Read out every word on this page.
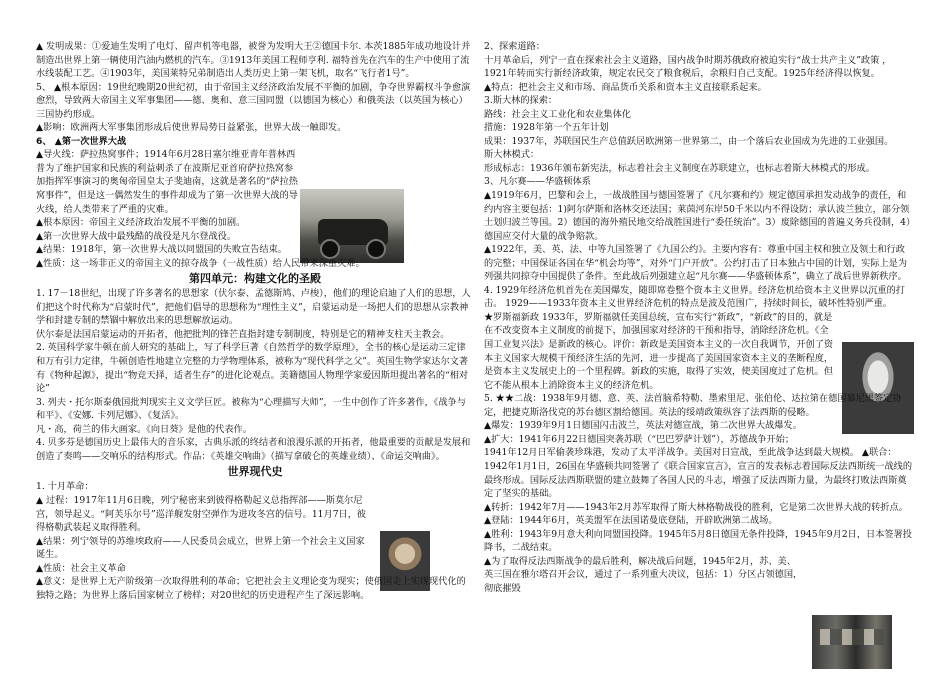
▲ 发明成果：①爱迪生发明了电灯、留声机等电器，被誉为发明大王②德国卡尔. 本茨1885年成功地设计并制造出世界上第一辆使用汽油内燃机的汽车。③1913年美国工程师亨利. 福特首先在汽车的生产中使用了流水线装配工艺。④1903年，美国莱特兄弟制造出人类历史上第一架飞机，取名“飞行者1号”。

5、 ▲根本原因：19世纪晚期20世纪初，由于帝国主义经济政治发展不平衡的加剧，争夺世界霸权斗争愈演愈烈，导致两大帝国主义军事集团——德、奥和、意三国同盟（以德国为核心）和俄英法（以英国为核心）三国协约形成。

▲影响：欧洲两大军事集团形成后使世界局势日益紧张，世界大战一触即发。

6、 ▲第一次世界大战

▲导火线：萨拉热窝事件；1914年6月28日塞尔维亚青年普林西普为了维护国家和民族的利益刺杀了在波斯尼亚首府萨拉热窝参加指挥军事演习的奥匈帝国皇太子斐迪南，这就是著名的“萨拉热窝事件”，但是这一偶然发生的事件却成为了第一次世界大战的导火线，给人类带来了严重的灾难。

▲根本原因：帝国主义经济政治发展不平衡的加剧。

▲第一次世界大战中最残酷的战役是凡尔登战役。

▲结果：1918年，第一次世界大战以同盟国的失败宣告结束。

▲性质：这一场非正义的帝国主义的掠夺战争（一战性质）给人民带来深重灾难。

第四单元：构建文化的圣殿

1. 17－18世纪，出现了许多著名的思想家（伏尔泰、孟德斯鸠、卢梭），他们的理论启迪了人们的思想，人们把这个时代称为“启蒙时代”，把他们倡导的思想称为“理性主义”，启蒙运动是一场把人们的思想从宗教神学和封建专制的禁锢中解放出来的思想解放运动。

伏尔泰是法国启蒙运动的开拓者，他把批判的锋芒直指封建专制制度，特别是它的精神支柱天主教会。

2. 英国科学家牛顿在前人研究的基础上，写了科学巨著《自然哲学的数学原理》，全书的核心是运动三定律和万有引力定律，牛顿创造性地建立完整的力学物理体系，被称为“现代科学之父”。英国生物学家达尔文著有《物种起源》，提出“物竞天择，适者生存”的进化论观点。美籍德国人物理学家爱因斯坦提出著名的“相对论”

3. 列夫・托尔斯泰俄国批判现实主义文学巨匠。被称为“心理描写大师”，一生中创作了许多著作，《战争与和平》、《安娜. 卡列尼娜》、《复活》。

凡・高，荷兰的伟大画家。《向日葵》是他的代表作。

4. 贝多芬是德国历史上最伟大的音乐家，古典乐派的终结者和浪漫乐派的开拓者，他最重要的贡献是发展和创造了奏鸣——交响乐的结构形式。作品：《英雄交响曲》（描写拿破仑的英雄业绩）、《命运交响曲》。

世界现代史

1. 十月革命：

▲ 过程：1917年11月6日晚，列宁秘密来到彼得格勒起义总指挥部——斯莫尔尼宫，领导起义。“阿芙乐尔号”巡洋舰发射空弹作为进攻冬宫的信号。11月7日，彼得格勒武装起义取得胜利。

▲结果：列宁领导的苏维埃政府——人民委员会成立，世界上第一个社会主义国家诞生。

▲性质：社会主义革命

▲意义：是世界上无产阶级第一次取得胜利的革命；它把社会主义理论变为现实；使俄国走上实现现代化的独特之路；为世界上落后国家树立了榜样；对20世纪的历史进程产生了深远影响。

2、探索道路：

十月革命后，列宁一直在探索社会主义道路，国内战争时期苏俄政府被迫实行“战士共产主义”政策 ，1921年转而实行新经济政策，规定农民交了粮食税后，余粮归自己支配。1925年经济得以恢复。

▲特点：把社会主义和市场、商品货币关系和资本主义直接联系起来。

3.斯大林的探索：

路线：社会主义工业化和农业集体化

措施：1928年第一个五年计划

成果：1937年，苏联国民生产总值跃居欧洲第一世界第二，由一个落后农业国成为先进的工业强国。

斯大林模式：

形成标志：1936年颁布新宪法，标志着社会主义制度在苏联建立，也标志着斯大林模式的形成。

3、凡尔赛——华盛顿体系

▲1919年6月，巴黎和会上，一战战胜国与德国签署了《凡尔赛和约》规定德国承担发动战争的责任，和约内容主要包括：1)阿尔萨斯和洛林交还法国；莱茵河东岸50千米以内不得设防；承认波兰独立，部分领土划归波兰等国。2）德国的海外殖民地交给战胜国进行“委任统治”。3）废除德国的普遍义务兵役制，4）德国应交付大量的战争赔款。

▲1922年，美、英、法、中等九国签署了《九国公约》。主要内容有：尊重中国主权和独立及领土和行政的完整；中国保证各国在华“机会均等”，对外“门户开放”。公约打击了日本独占中国的计划，实际上是为列强共同掠夺中国提供了条件。至此战后列强建立起“凡尔赛——华盛顿体系”，确立了战后世界新秩序。

4. 1929年经济危机首先在美国爆发，随即席卷整个资本主义世界。经济危机给资本主义世界以沉重的打击。 1929——1933年资本主义世界经济危机的特点是波及范围广，持续时间长，破坏性特别严重。

★罗斯福新政 1933年，罗斯福就任美国总统，宣布实行“新政”，“新政”的目的，就是在不改变资本主义制度的前提下，加强国家对经济的干预和指导，消除经济危机。《全国工业复兴法》是新政的核心。评价：新政是美国资本主义的一次自我调节，开创了资本主义国家大规模干预经济生活的先河，进一步提高了美国国家资本主义的垄断程度，是资本主义发展史上的一个里程碑。新政的实施，取得了实效，使美国度过了危机。但它不能从根本上消除资本主义的经济危机。

5. ★★二战：1938年9月德、意、英、法首脑希特勒、墨索里尼、张伯伦、达拉第在德国慕尼黑签定协定，把捷克斯洛伐克的苏台德区割给德国。英法的绥靖政策纵容了法西斯的侵略。

▲爆发：1939年9月1日德国闪击波兰，英法对德宣战，第二次世界大战爆发。

▲扩大：1941年6月22日德国突袭苏联（“巴巴罗萨计划”），苏德战争开始；

1941年12月日军偷袭珍珠港，发动了太平洋战争。美国对日宣战，至此战争达到最大规模。 ▲联合：1942年1月1日，26国在华盛顿共同签署了《联合国家宣言》，宣言的发表标志着国际反法西斯统一战线的最终形成。国际反法西斯联盟的建立鼓舞了各国人民的斗志，增强了反法西斯力量，为最终打败法西斯奠定了坚实的基础。

▲转折：1942年7月——1943年2月苏军取得了斯大林格勒战役的胜利，它是第二次世界大战的转折点。

▲登陆：1944年6月，英美盟军在法国诺曼底登陆，开辟欧洲第二战场。

▲胜利：1943年9月意大利向同盟国投降。1945年5月8日德国无条件投降，1945年9月2日，日本签署投降书，二战结束。

▲为了取得反法西斯战争的最后胜利，解决战后问题，1945年2月，苏、美、英三国在雅尔塔召开会议，通过了一系列重大决议，包括：1）分区占领德国，彻底摧毁
